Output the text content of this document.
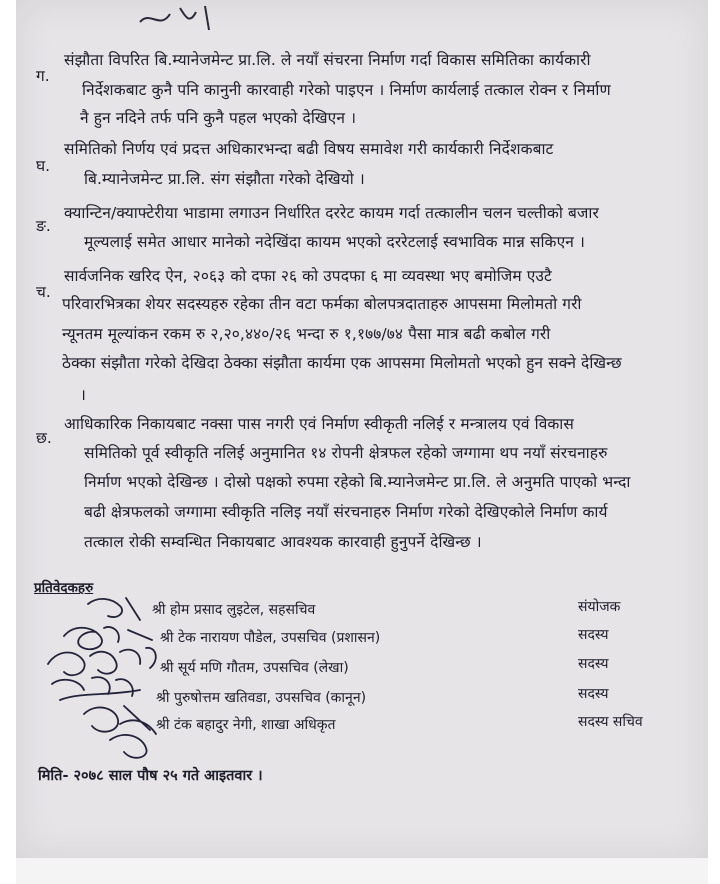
ग.
संझौता विपरित बि.म्यानेजमेन्ट प्रा.लि. ले नयाँ संचरना निर्माण गर्दा विकास समितिका कार्यकारी
निर्देशकबाट कुनै पनि कानुनी कारवाही गरेको पाइएन । निर्माण कार्यलाई तत्काल रोक्न र निर्माण
नै हुन नदिने तर्फ पनि कुनै पहल भएको देखिएन ।
घ.
समितिको निर्णय एवं प्रदत्त अधिकारभन्दा बढी विषय समावेश गरी कार्यकारी निर्देशकबाट
बि.म्यानेजमेन्ट प्रा.लि. संग संझौता गरेको देखियो ।
ङ.
क्यान्टिन/क्याफ्टेरीया भाडामा लगाउन निर्धारित दररेट कायम गर्दा तत्कालीन चलन चल्तीको बजार
मूल्यलाई समेत आधार मानेको नदेखिंदा कायम भएको दररेटलाई स्वभाविक मान्न सकिएन ।
च.
सार्वजनिक खरिद ऐन, २०६३ को दफा २६ को उपदफा ६ मा व्यवस्था भए बमोजिम एउटै
परिवारभित्रका शेयर सदस्यहरु रहेका तीन वटा फर्मका बोलपत्रदाताहरु आपसमा मिलोमतो गरी
न्यूनतम मूल्यांकन रकम रु २,२०,४४०/२६ भन्दा रु १,१७७/७४ पैसा मात्र बढी कबोल गरी
ठेक्का संझौता गरेको देखिदा ठेक्का संझौता कार्यमा एक आपसमा मिलोमतो भएको हुन सक्ने देखिन्छ
।
छ.
आधिकारिक निकायबाट नक्सा पास नगरी एवं निर्माण स्वीकृती नलिई र मन्त्रालय एवं विकास
समितिको पूर्व स्वीकृति नलिई अनुमानित १४ रोपनी क्षेत्रफल रहेको जग्गामा थप नयाँ संरचनाहरु
निर्माण भएको देखिन्छ । दोस्रो पक्षको रुपमा रहेको बि.म्यानेजमेन्ट प्रा.लि. ले अनुमति पाएको भन्दा
बढी क्षेत्रफलको जग्गामा स्वीकृति नलिइ नयाँ संरचनाहरु निर्माण गरेको देखिएकोले निर्माण कार्य
तत्काल रोकी सम्वन्धित निकायबाट आवश्यक कारवाही हुनुपर्ने देखिन्छ ।
प्रतिवेदकहरु
श्री होम प्रसाद लुइटेल, सहसचिव	संयोजक
श्री टेक नारायण पौडेल, उपसचिव (प्रशासन)	सदस्य
श्री सूर्य मणि गौतम, उपसचिव (लेखा)	सदस्य
श्री पुरुषोत्तम खतिवडा, उपसचिव (कानून)	सदस्य
श्री टंक बहादुर नेगी, शाखा अधिकृत	सदस्य सचिव
मिति- २०७८ साल पौष २५ गते आइतवार ।
